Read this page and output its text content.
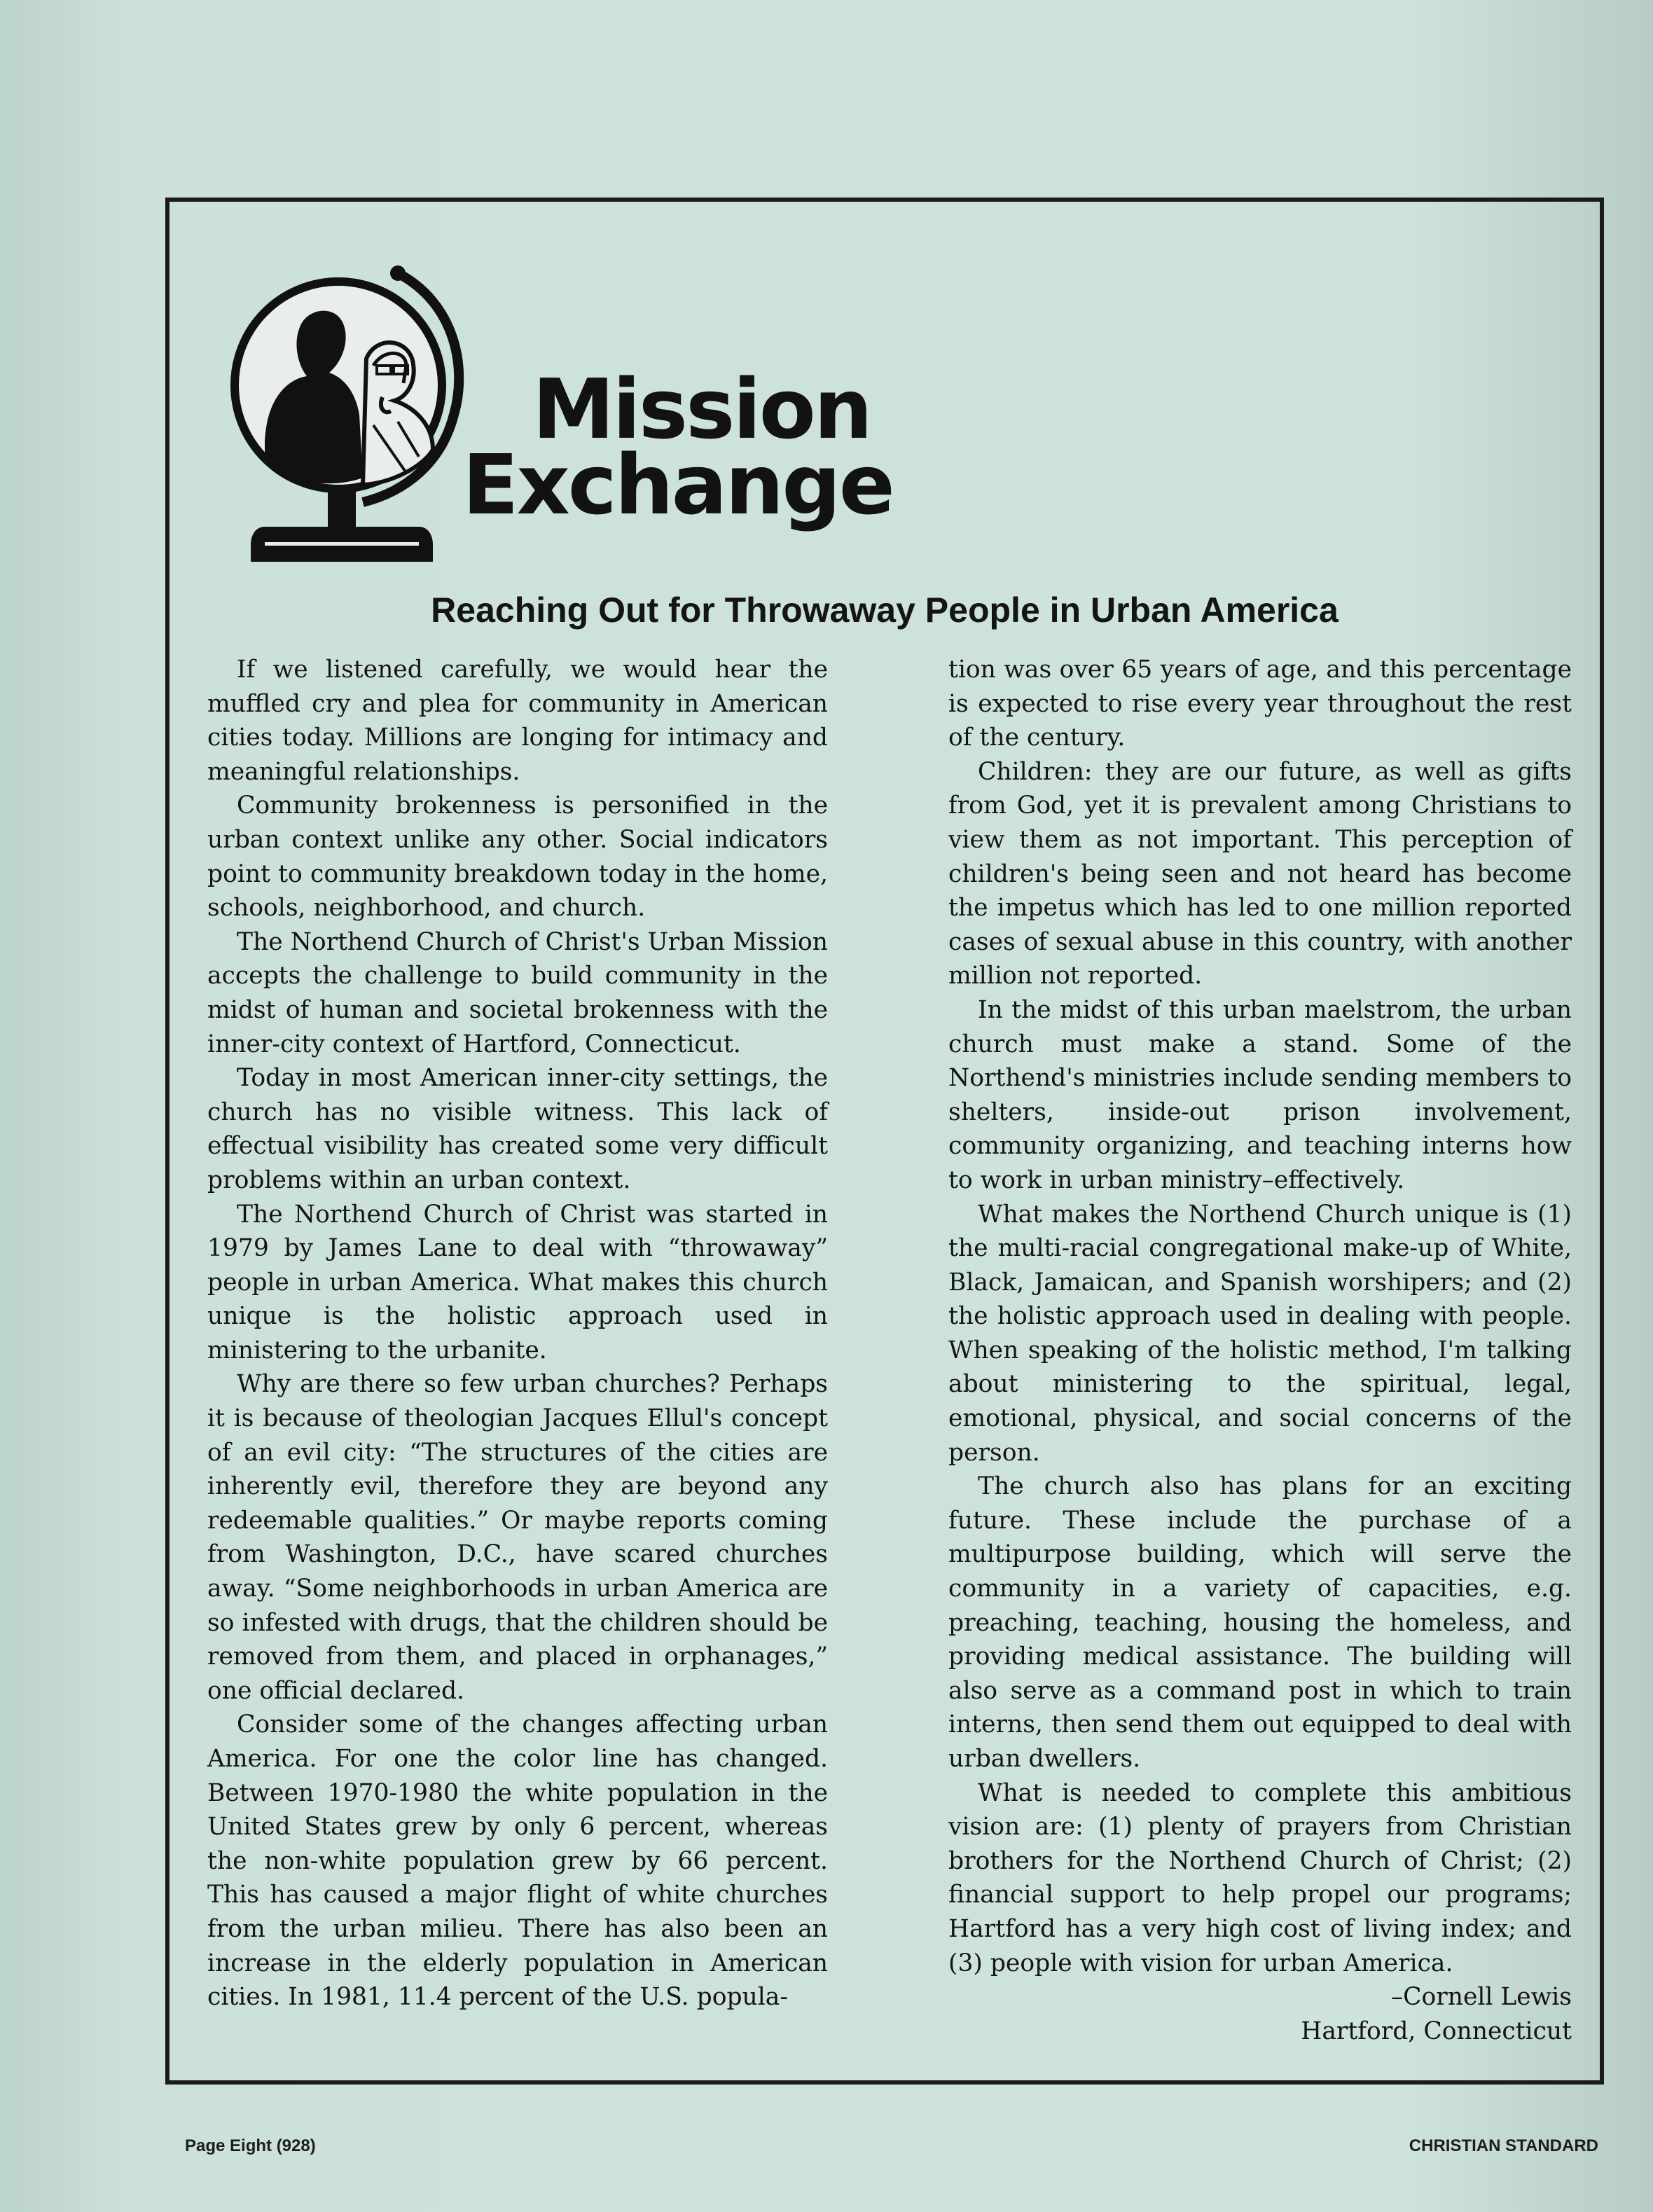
Mission
Exchange
Reaching Out for Throwaway People in Urban America

If we listened carefully, we would hear the muffled cry and plea for community in American cities today. Millions are longing for intimacy and meaningful relationships.

Community brokenness is personified in the urban context unlike any other. Social indicators point to community breakdown today in the home, schools, neighborhood, and church.

The Northend Church of Christ's Urban Mission accepts the challenge to build community in the midst of human and societal brokenness with the inner-city context of Hartford, Connecticut.

Today in most American inner-city settings, the church has no visible witness. This lack of effectual visibility has created some very difficult problems within an urban context.

The Northend Church of Christ was started in 1979 by James Lane to deal with “throwaway” people in urban America. What makes this church unique is the holistic approach used in ministering to the urbanite.

Why are there so few urban churches? Perhaps it is because of theologian Jacques Ellul's concept of an evil city: “The structures of the cities are inherently evil, therefore they are beyond any redeemable qualities.” Or maybe reports coming from Washington, D.C., have scared churches away. “Some neighborhoods in urban America are so infested with drugs, that the children should be removed from them, and placed in orphanages,” one official declared.

Consider some of the changes affecting urban America. For one the color line has changed. Between 1970-1980 the white population in the United States grew by only 6 percent, whereas the non-white population grew by 66 percent. This has caused a major flight of white churches from the urban milieu. There has also been an increase in the elderly population in American cities. In 1981, 11.4 percent of the U.S. popula-

tion was over 65 years of age, and this percentage is expected to rise every year throughout the rest of the century.

Children: they are our future, as well as gifts from God, yet it is prevalent among Christians to view them as not important. This perception of children's being seen and not heard has become the impetus which has led to one million reported cases of sexual abuse in this country, with another million not reported.

In the midst of this urban maelstrom, the urban church must make a stand. Some of the Northend's ministries include sending members to shelters, inside-out prison involvement, community organizing, and teaching interns how to work in urban ministry–effectively.

What makes the Northend Church unique is (1) the multi-racial congregational make-up of White, Black, Jamaican, and Spanish worshipers; and (2) the holistic approach used in dealing with people. When speaking of the holistic method, I'm talking about ministering to the spiritual, legal, emotional, physical, and social concerns of the person.

The church also has plans for an exciting future. These include the purchase of a multipurpose building, which will serve the community in a variety of capacities, e.g. preaching, teaching, housing the homeless, and providing medical assistance. The building will also serve as a command post in which to train interns, then send them out equipped to deal with urban dwellers.

What is needed to complete this ambitious vision are: (1) plenty of prayers from Christian brothers for the Northend Church of Christ; (2) financial support to help propel our programs; Hartford has a very high cost of living index; and (3) people with vision for urban America.

–Cornell Lewis

Hartford, Connecticut

Page Eight (928)	CHRISTIAN STANDARD
